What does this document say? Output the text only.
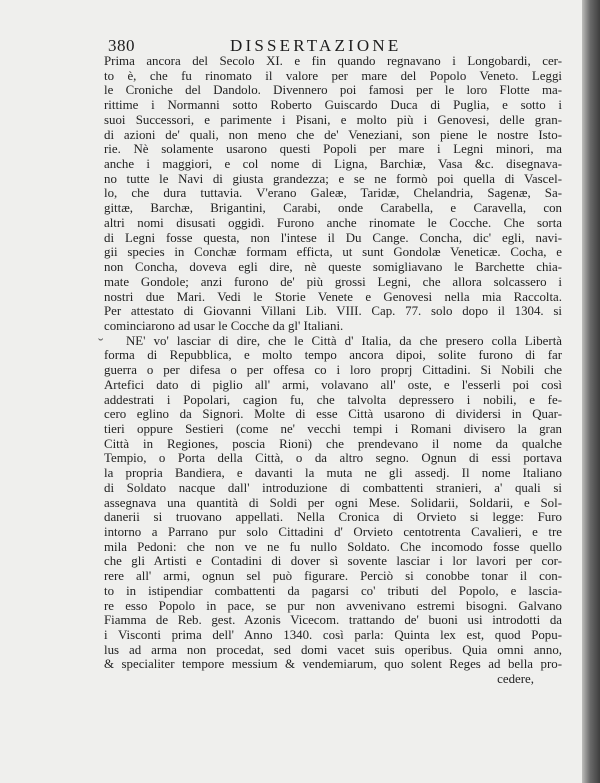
380	DISSERTAZIONE
˘
Prima ancora del Secolo XI. e fin quando regnavano i Longobardi, cer-
to è, che fu rinomato il valore per mare del Popolo Veneto. Leggi
le Croniche del Dandolo. Divennero poi famosi per le loro Flotte ma-
rittime i Normanni sotto Roberto Guiscardo Duca di Puglia, e sotto i
suoi Successori, e parimente i Pisani, e molto più i Genovesi, delle gran-
di azioni de' quali, non meno che de' Veneziani, son piene le nostre Isto-
rie. Nè solamente usarono questi Popoli per mare i Legni minori, ma
anche i maggiori, e col nome di Ligna, Barchiæ, Vasa &c. disegnava-
no tutte le Navi di giusta grandezza; e se ne formò poi quella di Vascel-
lo, che dura tuttavia. V'erano Galeæ, Taridæ, Chelandria, Sagenæ, Sa-
gittæ, Barchæ, Brigantini, Carabi, onde Carabella, e Caravella, con
altri nomi disusati oggidì. Furono anche rinomate le Cocche. Che sorta
di Legni fosse questa, non l'intese il Du Cange. Concha, dic' egli, navi-
gii species in Conchæ formam efficta, ut sunt Gondolæ Veneticæ. Cocha, e
non Concha, doveva egli dire, nè queste somigliavano le Barchette chia-
mate Gondole; anzi furono de' più grossi Legni, che allora solcassero i
nostri due Mari. Vedi le Storie Venete e Genovesi nella mia Raccolta.
Per attestato di Giovanni Villani Lib. VIII. Cap. 77. solo dopo il 1304. si
cominciarono ad usar le Cocche da gl' Italiani.
NE' vo' lasciar di dire, che le Città d' Italia, da che presero colla Libertà
forma di Repubblica, e molto tempo ancora dipoi, solite furono di far
guerra o per difesa o per offesa co i loro proprj Cittadini. Si Nobili che
Artefici dato di piglio all' armi, volavano all' oste, e l'esserli poi così
addestrati i Popolari, cagion fu, che talvolta depressero i nobili, e fe-
cero eglino da Signori. Molte di esse Città usarono di dividersi in Quar-
tieri oppure Sestieri (come ne' vecchi tempi i Romani divisero la gran
Città in Regiones, poscia Rioni) che prendevano il nome da qualche
Tempio, o Porta della Città, o da altro segno. Ognun di essi portava
la propria Bandiera, e davanti la muta ne gli assedj. Il nome Italiano
di Soldato nacque dall' introduzione di combattenti stranieri, a' quali si
assegnava una quantità di Soldi per ogni Mese. Solidarii, Soldarii, e Sol-
danerii si truovano appellati. Nella Cronica di Orvieto si legge: Furo
intorno a Parrano pur solo Cittadini d' Orvieto centotrenta Cavalieri, e tre
mila Pedoni: che non ve ne fu nullo Soldato. Che incomodo fosse quello
che gli Artisti e Contadini di dover sì sovente lasciar i lor lavori per cor-
rere all' armi, ognun sel può figurare. Perciò si conobbe tonar il con-
to in istipendiar combattenti da pagarsi co' tributi del Popolo, e lascia-
re esso Popolo in pace, se pur non avvenivano estremi bisogni. Galvano
Fiamma de Reb. gest. Azonis Vicecom. trattando de' buoni usi introdotti da
i Visconti prima dell' Anno 1340. così parla: Quinta lex est, quod Popu-
lus ad arma non procedat, sed domi vacet suis operibus. Quia omni anno,
& specialiter tempore messium & vendemiarum, quo solent Reges ad bella pro-
cedere,
